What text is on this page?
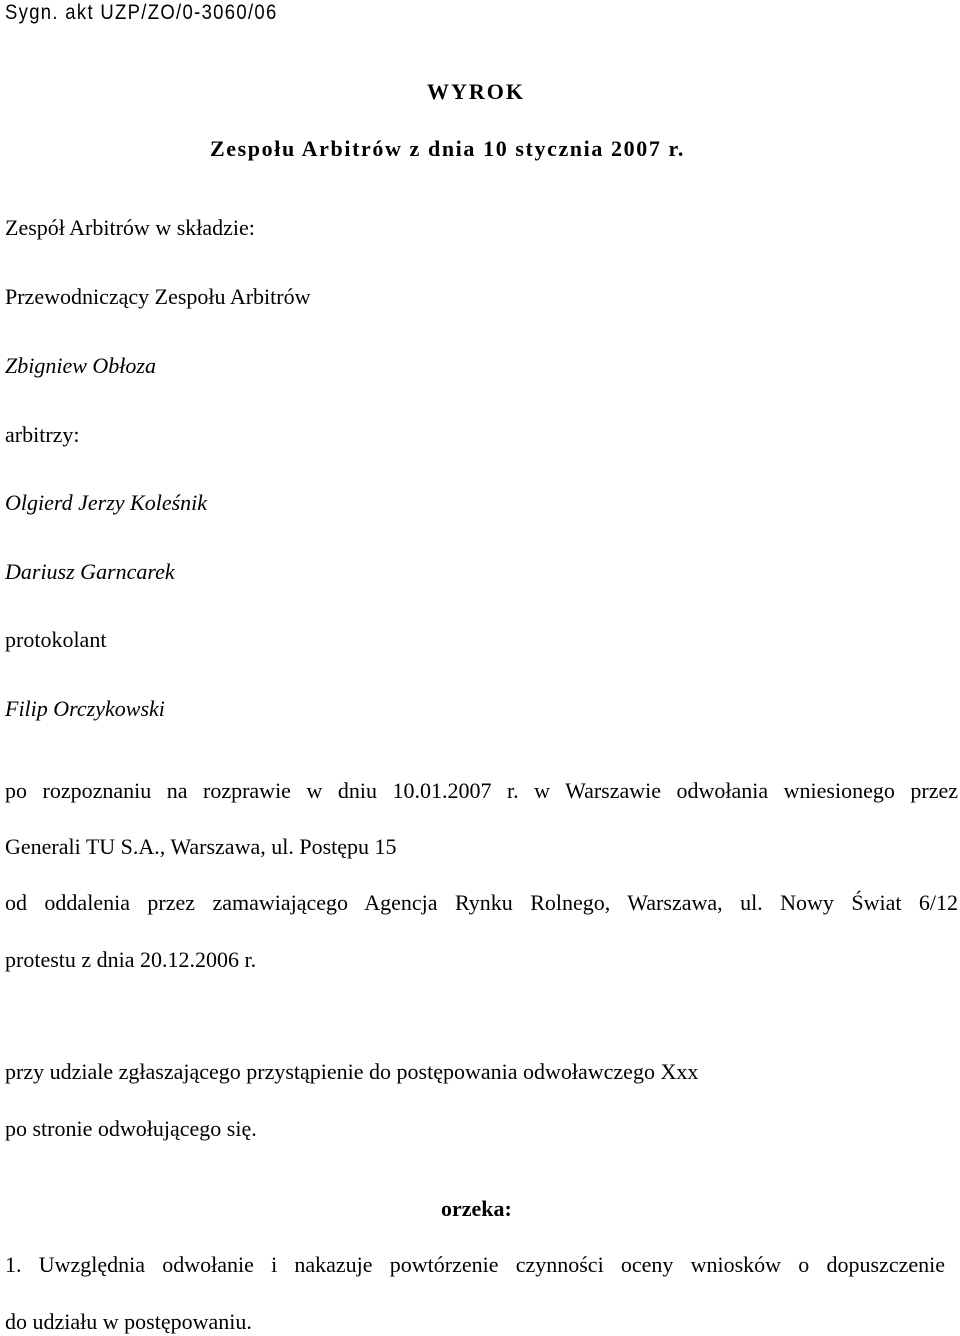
Sygn. akt UZP/ZO/0-3060/06
WYROK
Zespołu Arbitrów z dnia 10 stycznia 2007 r.
Zespół Arbitrów w składzie:
Przewodniczący Zespołu Arbitrów
Zbigniew Obłoza
arbitrzy:
Olgierd Jerzy Koleśnik
Dariusz Garncarek
protokolant
Filip Orczykowski
po rozpoznaniu na rozprawie w dniu 10.01.2007 r. w Warszawie odwołania wniesionego przez
Generali TU S.A., Warszawa, ul. Postępu 15
od oddalenia przez zamawiającego Agencja Rynku Rolnego, Warszawa, ul. Nowy Świat 6/12
protestu z dnia 20.12.2006 r.
przy udziale zgłaszającego przystąpienie do postępowania odwoławczego Xxx
po stronie odwołującego się.
orzeka:
1. Uwzględnia odwołanie i nakazuje powtórzenie czynności oceny wniosków o dopuszczenie
do udziału w postępowaniu.
